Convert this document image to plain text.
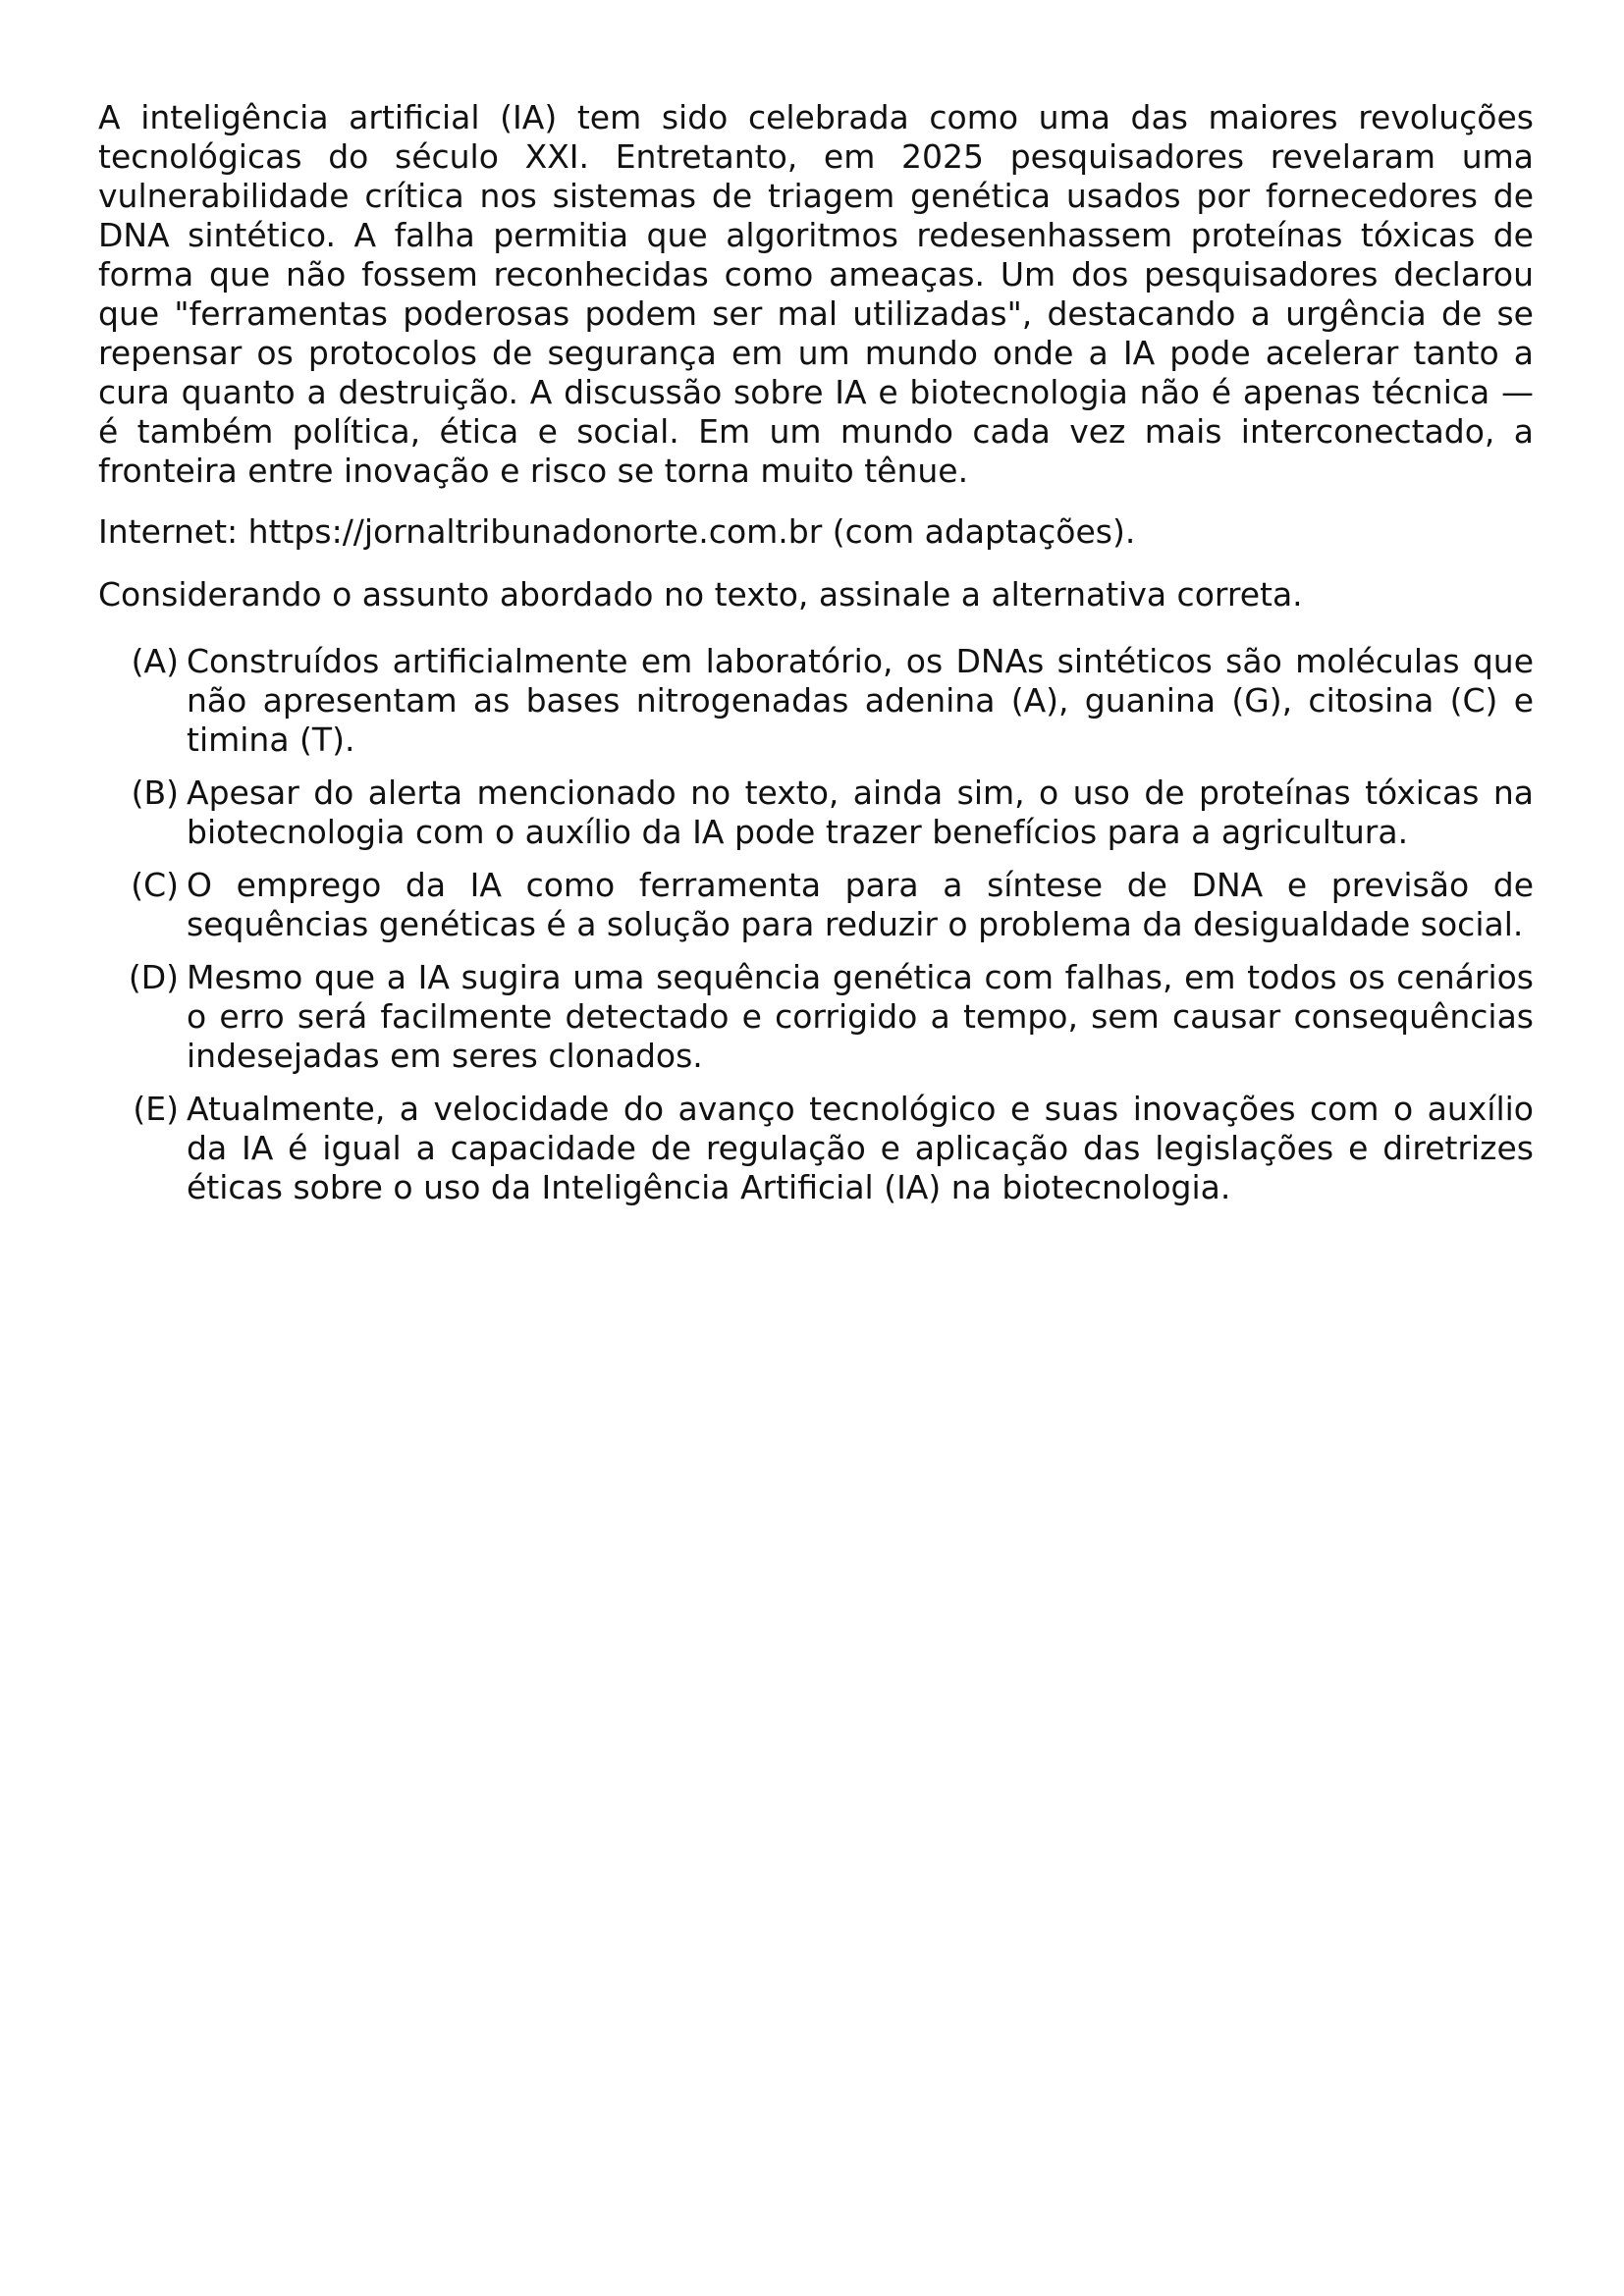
A inteligência artificial (IA) tem sido celebrada como uma das maiores revoluções tecnológicas do século XXI. Entretanto, em 2025 pesquisadores revelaram uma vulnerabilidade crítica nos sistemas de triagem genética usados por fornecedores de DNA sintético. A falha permitia que algoritmos redesenhassem proteínas tóxicas de forma que não fossem reconhecidas como ameaças. Um dos pesquisadores declarou que "ferramentas poderosas podem ser mal utilizadas", destacando a urgência de se repensar os protocolos de segurança em um mundo onde a IA pode acelerar tanto a cura quanto a destruição. A discussão sobre IA e biotecnologia não é apenas técnica — é também política, ética e social. Em um mundo cada vez mais interconectado, a fronteira entre inovação e risco se torna muito tênue.

Internet: https://jornaltribunadonorte.com.br (com adaptações).

Considerando o assunto abordado no texto, assinale a alternativa correta.

(A) Construídos artificialmente em laboratório, os DNAs sintéticos são moléculas que não apresentam as bases nitrogenadas adenina (A), guanina (G), citosina (C) e timina (T).
(B) Apesar do alerta mencionado no texto, ainda sim, o uso de proteínas tóxicas na biotecnologia com o auxílio da IA pode trazer benefícios para a agricultura.
(C) O emprego da IA como ferramenta para a síntese de DNA e previsão de sequências genéticas é a solução para reduzir o problema da desigualdade social.
(D) Mesmo que a IA sugira uma sequência genética com falhas, em todos os cenários o erro será facilmente detectado e corrigido a tempo, sem causar consequências indesejadas em seres clonados.
(E) Atualmente, a velocidade do avanço tecnológico e suas inovações com o auxílio da IA é igual a capacidade de regulação e aplicação das legislações e diretrizes éticas sobre o uso da Inteligência Artificial (IA) na biotecnologia.
